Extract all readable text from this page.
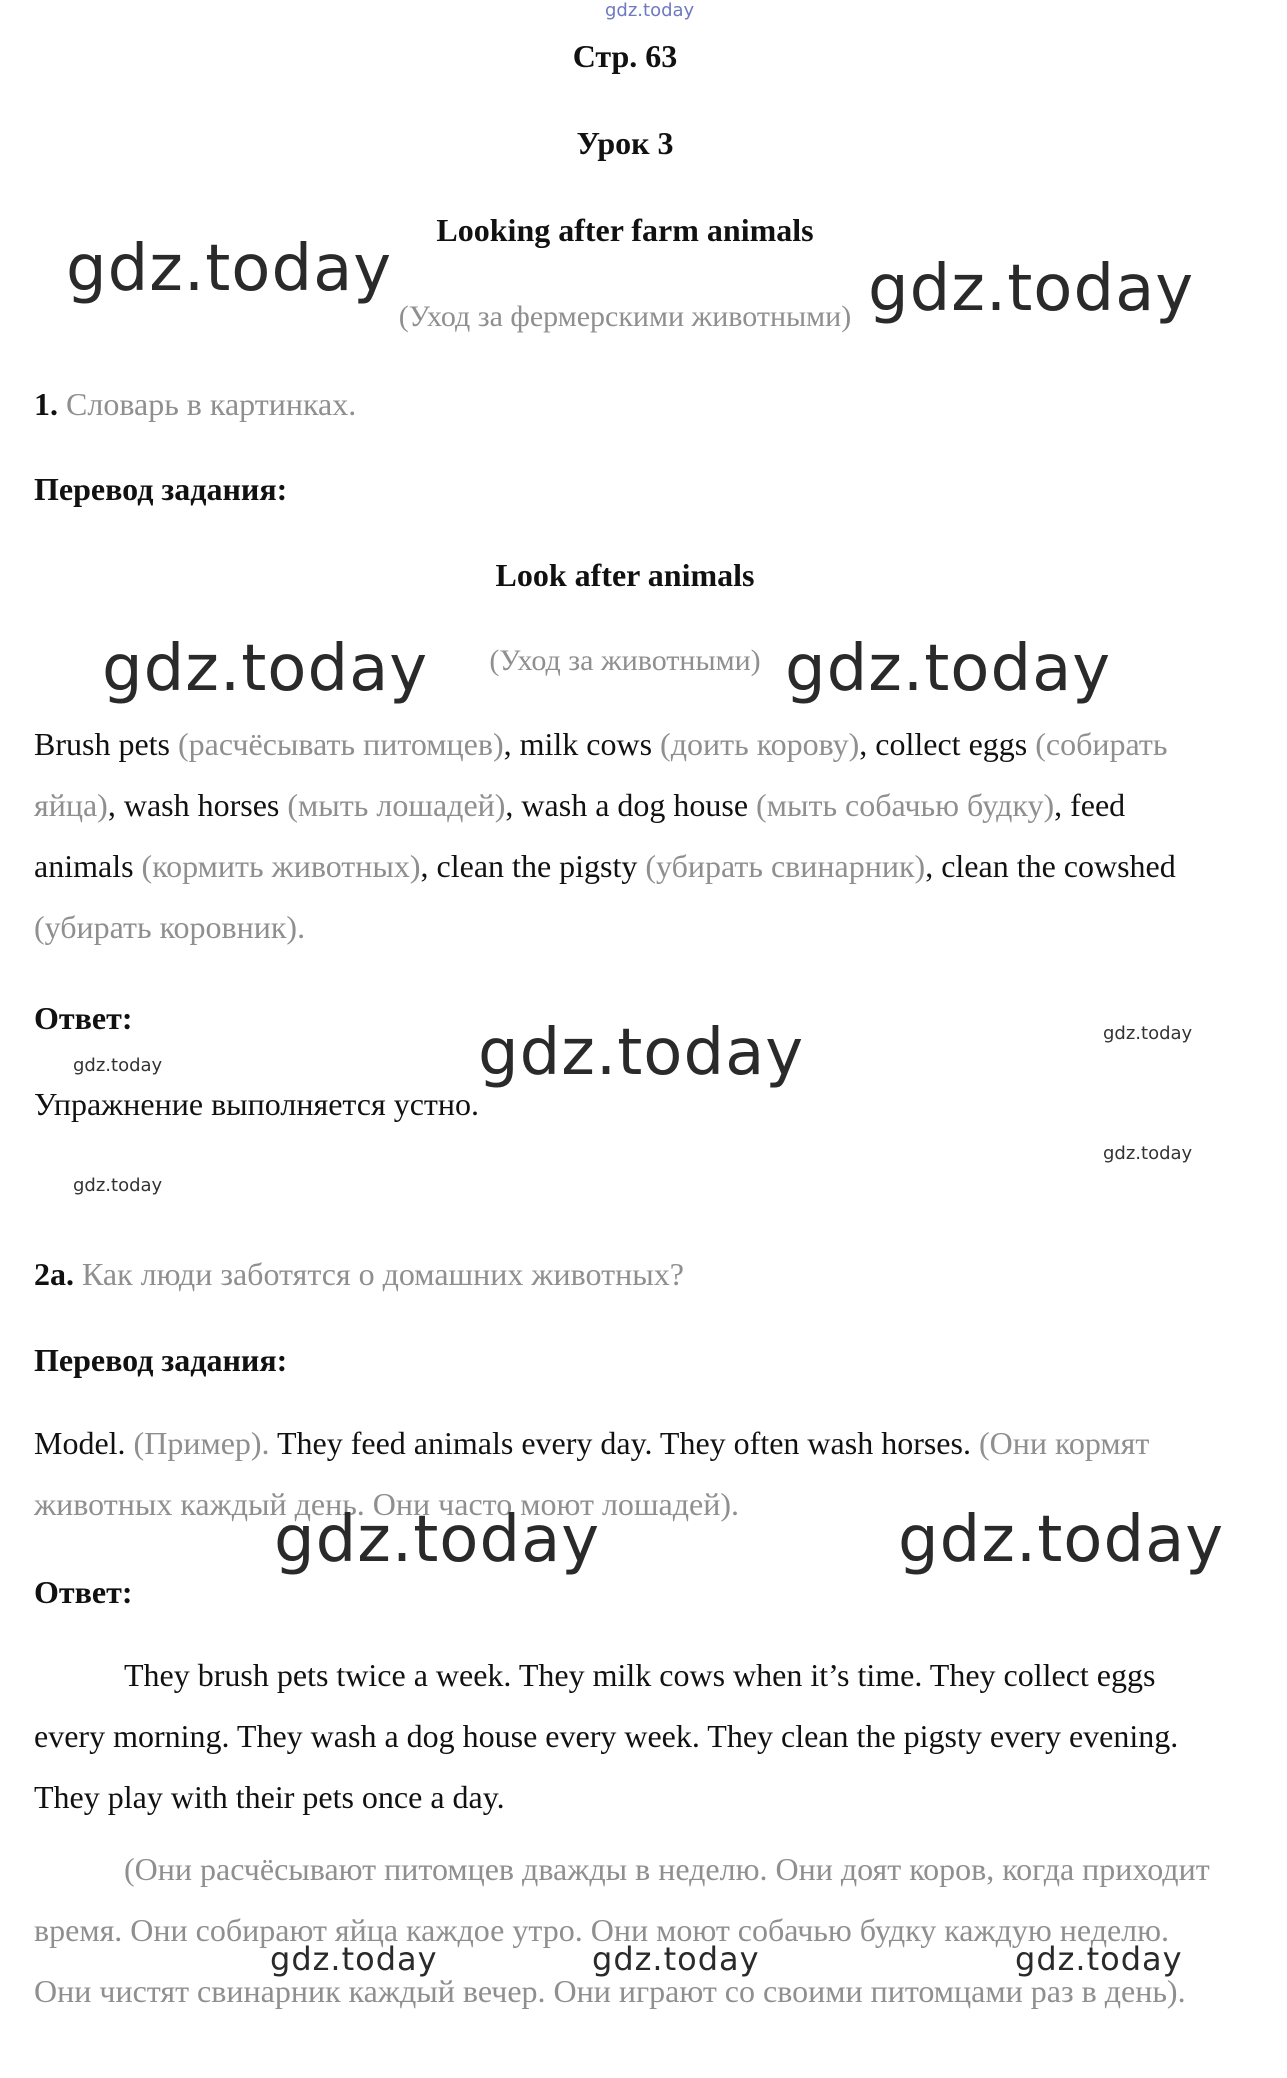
gdz.today
Стр. 63
Урок 3
Looking after farm animals
(Уход за фермерскими животными)
gdz.today	gdz.today
1. Словарь в картинках.
Перевод задания:
Look after animals
(Уход за животными)
gdz.today	gdz.today
Brush pets (расчёсывать питомцев), milk cows (доить корову), collect eggs (собирать яйца), wash horses (мыть лошадей), wash a dog house (мыть собачью будку), feed animals (кормить животных), clean the pigsty (убирать свинарник), clean the cowshed (убирать коровник).
Ответ:
Упражнение выполняется устно.
gdz.today
gdz.today
gdz.today
gdz.today
gdz.today
2a. Как люди заботятся о домашних животных?
Перевод задания:
Model. (Пример). They feed animals every day. They often wash horses. (Они кормят животных каждый день. Они часто моют лошадей).
gdz.today	gdz.today
Ответ:
They brush pets twice a week. They milk cows when it’s time. They collect eggs every morning. They wash a dog house every week. They clean the pigsty every evening. They play with their pets once a day.
(Они расчёсывают питомцев дважды в неделю. Они доят коров, когда приходит время. Они собирают яйца каждое утро. Они моют собачью будку каждую неделю. Они чистят свинарник каждый вечер. Они играют со своими питомцами раз в день).
gdz.today	gdz.today	gdz.today
